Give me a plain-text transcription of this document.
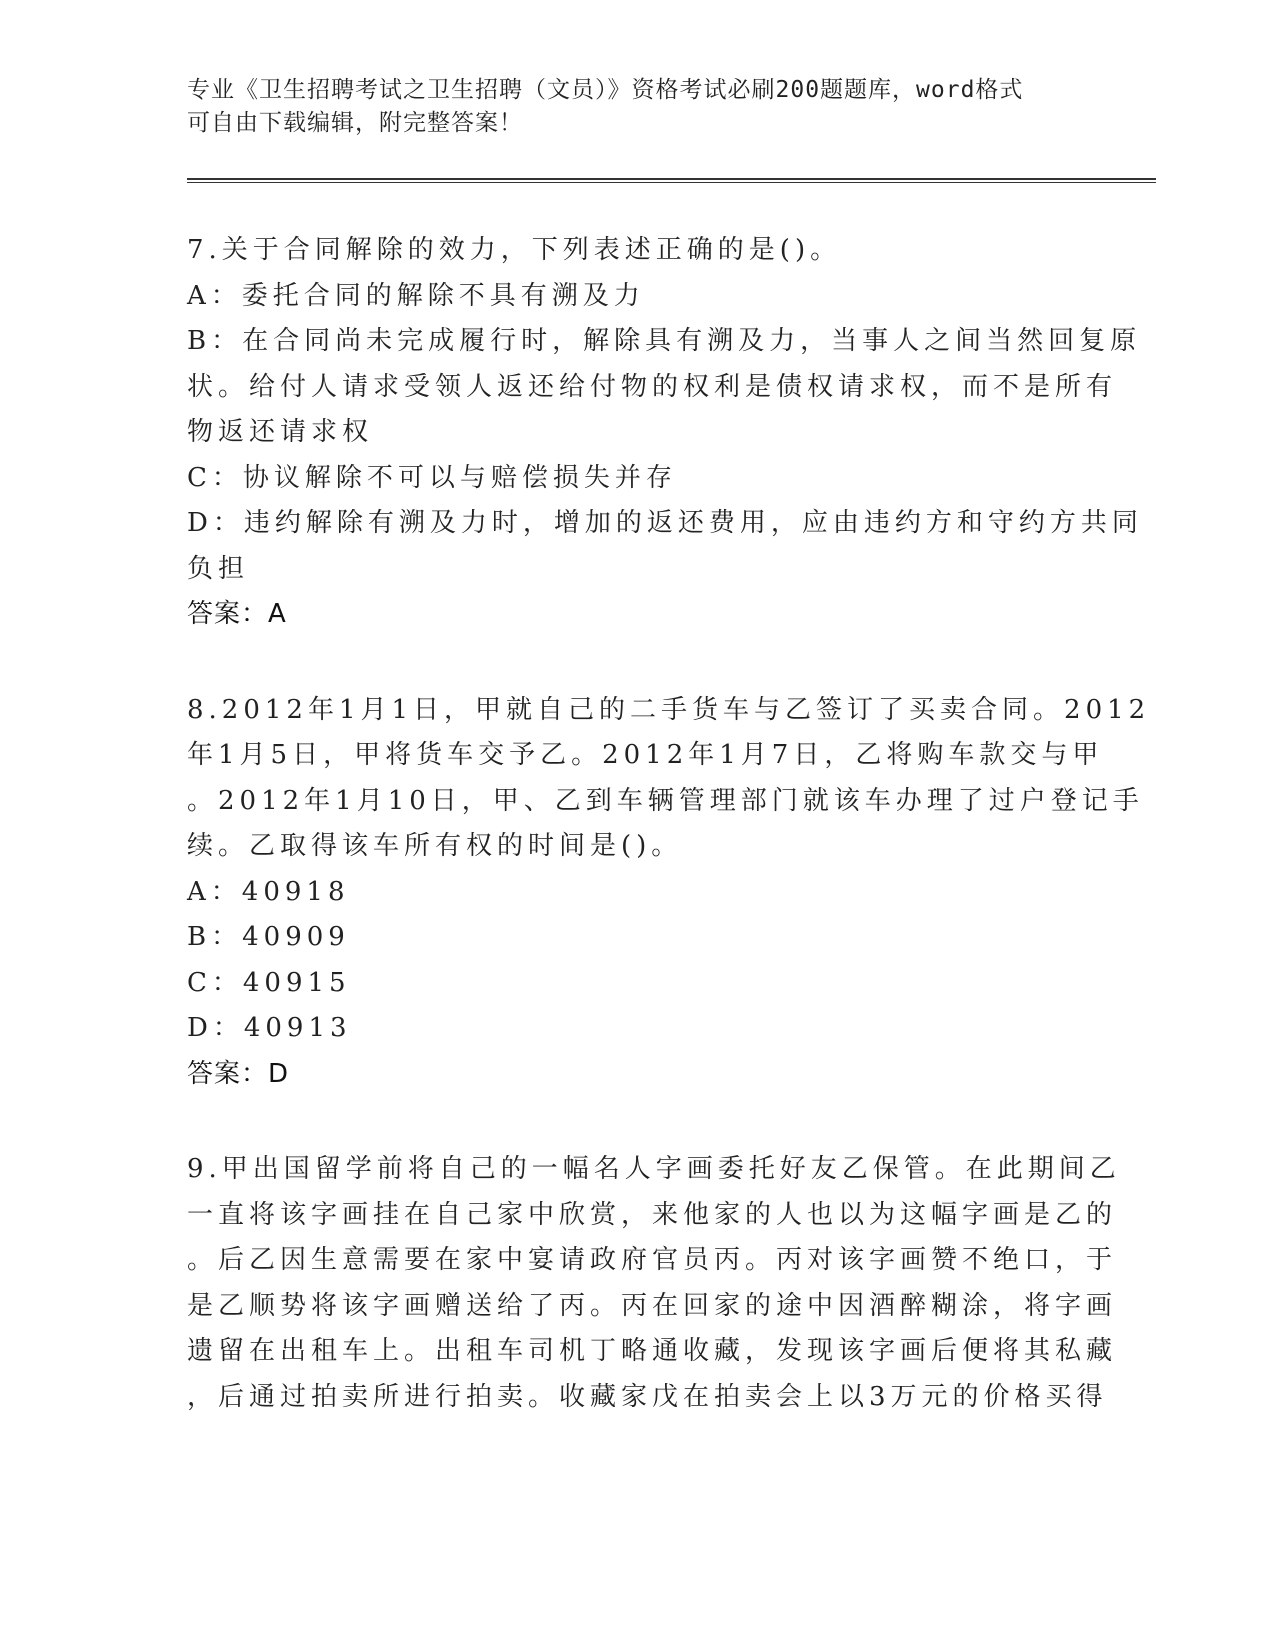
专业《卫生招聘考试之卫生招聘（文员）》资格考试必刷200题题库，word格式

可自由下载编辑，附完整答案！

7.关于合同解除的效力，下列表述正确的是()。

A：委托合同的解除不具有溯及力

B：在合同尚未完成履行时，解除具有溯及力，当事人之间当然回复原

状。给付人请求受领人返还给付物的权利是债权请求权，而不是所有

物返还请求权

C：协议解除不可以与赔偿损失并存

D：违约解除有溯及力时，增加的返还费用，应由违约方和守约方共同

负担

答案：A

8.2012年1月1日，甲就自己的二手货车与乙签订了买卖合同。2012

年1月5日，甲将货车交予乙。2012年1月7日，乙将购车款交与甲

。2012年1月10日，甲、乙到车辆管理部门就该车办理了过户登记手

续。乙取得该车所有权的时间是()。

A：40918

B：40909

C：40915

D：40913

答案：D

9.甲出国留学前将自己的一幅名人字画委托好友乙保管。在此期间乙

一直将该字画挂在自己家中欣赏，来他家的人也以为这幅字画是乙的

。后乙因生意需要在家中宴请政府官员丙。丙对该字画赞不绝口，于

是乙顺势将该字画赠送给了丙。丙在回家的途中因酒醉糊涂，将字画

遗留在出租车上。出租车司机丁略通收藏，发现该字画后便将其私藏

，后通过拍卖所进行拍卖。收藏家戊在拍卖会上以3万元的价格买得
